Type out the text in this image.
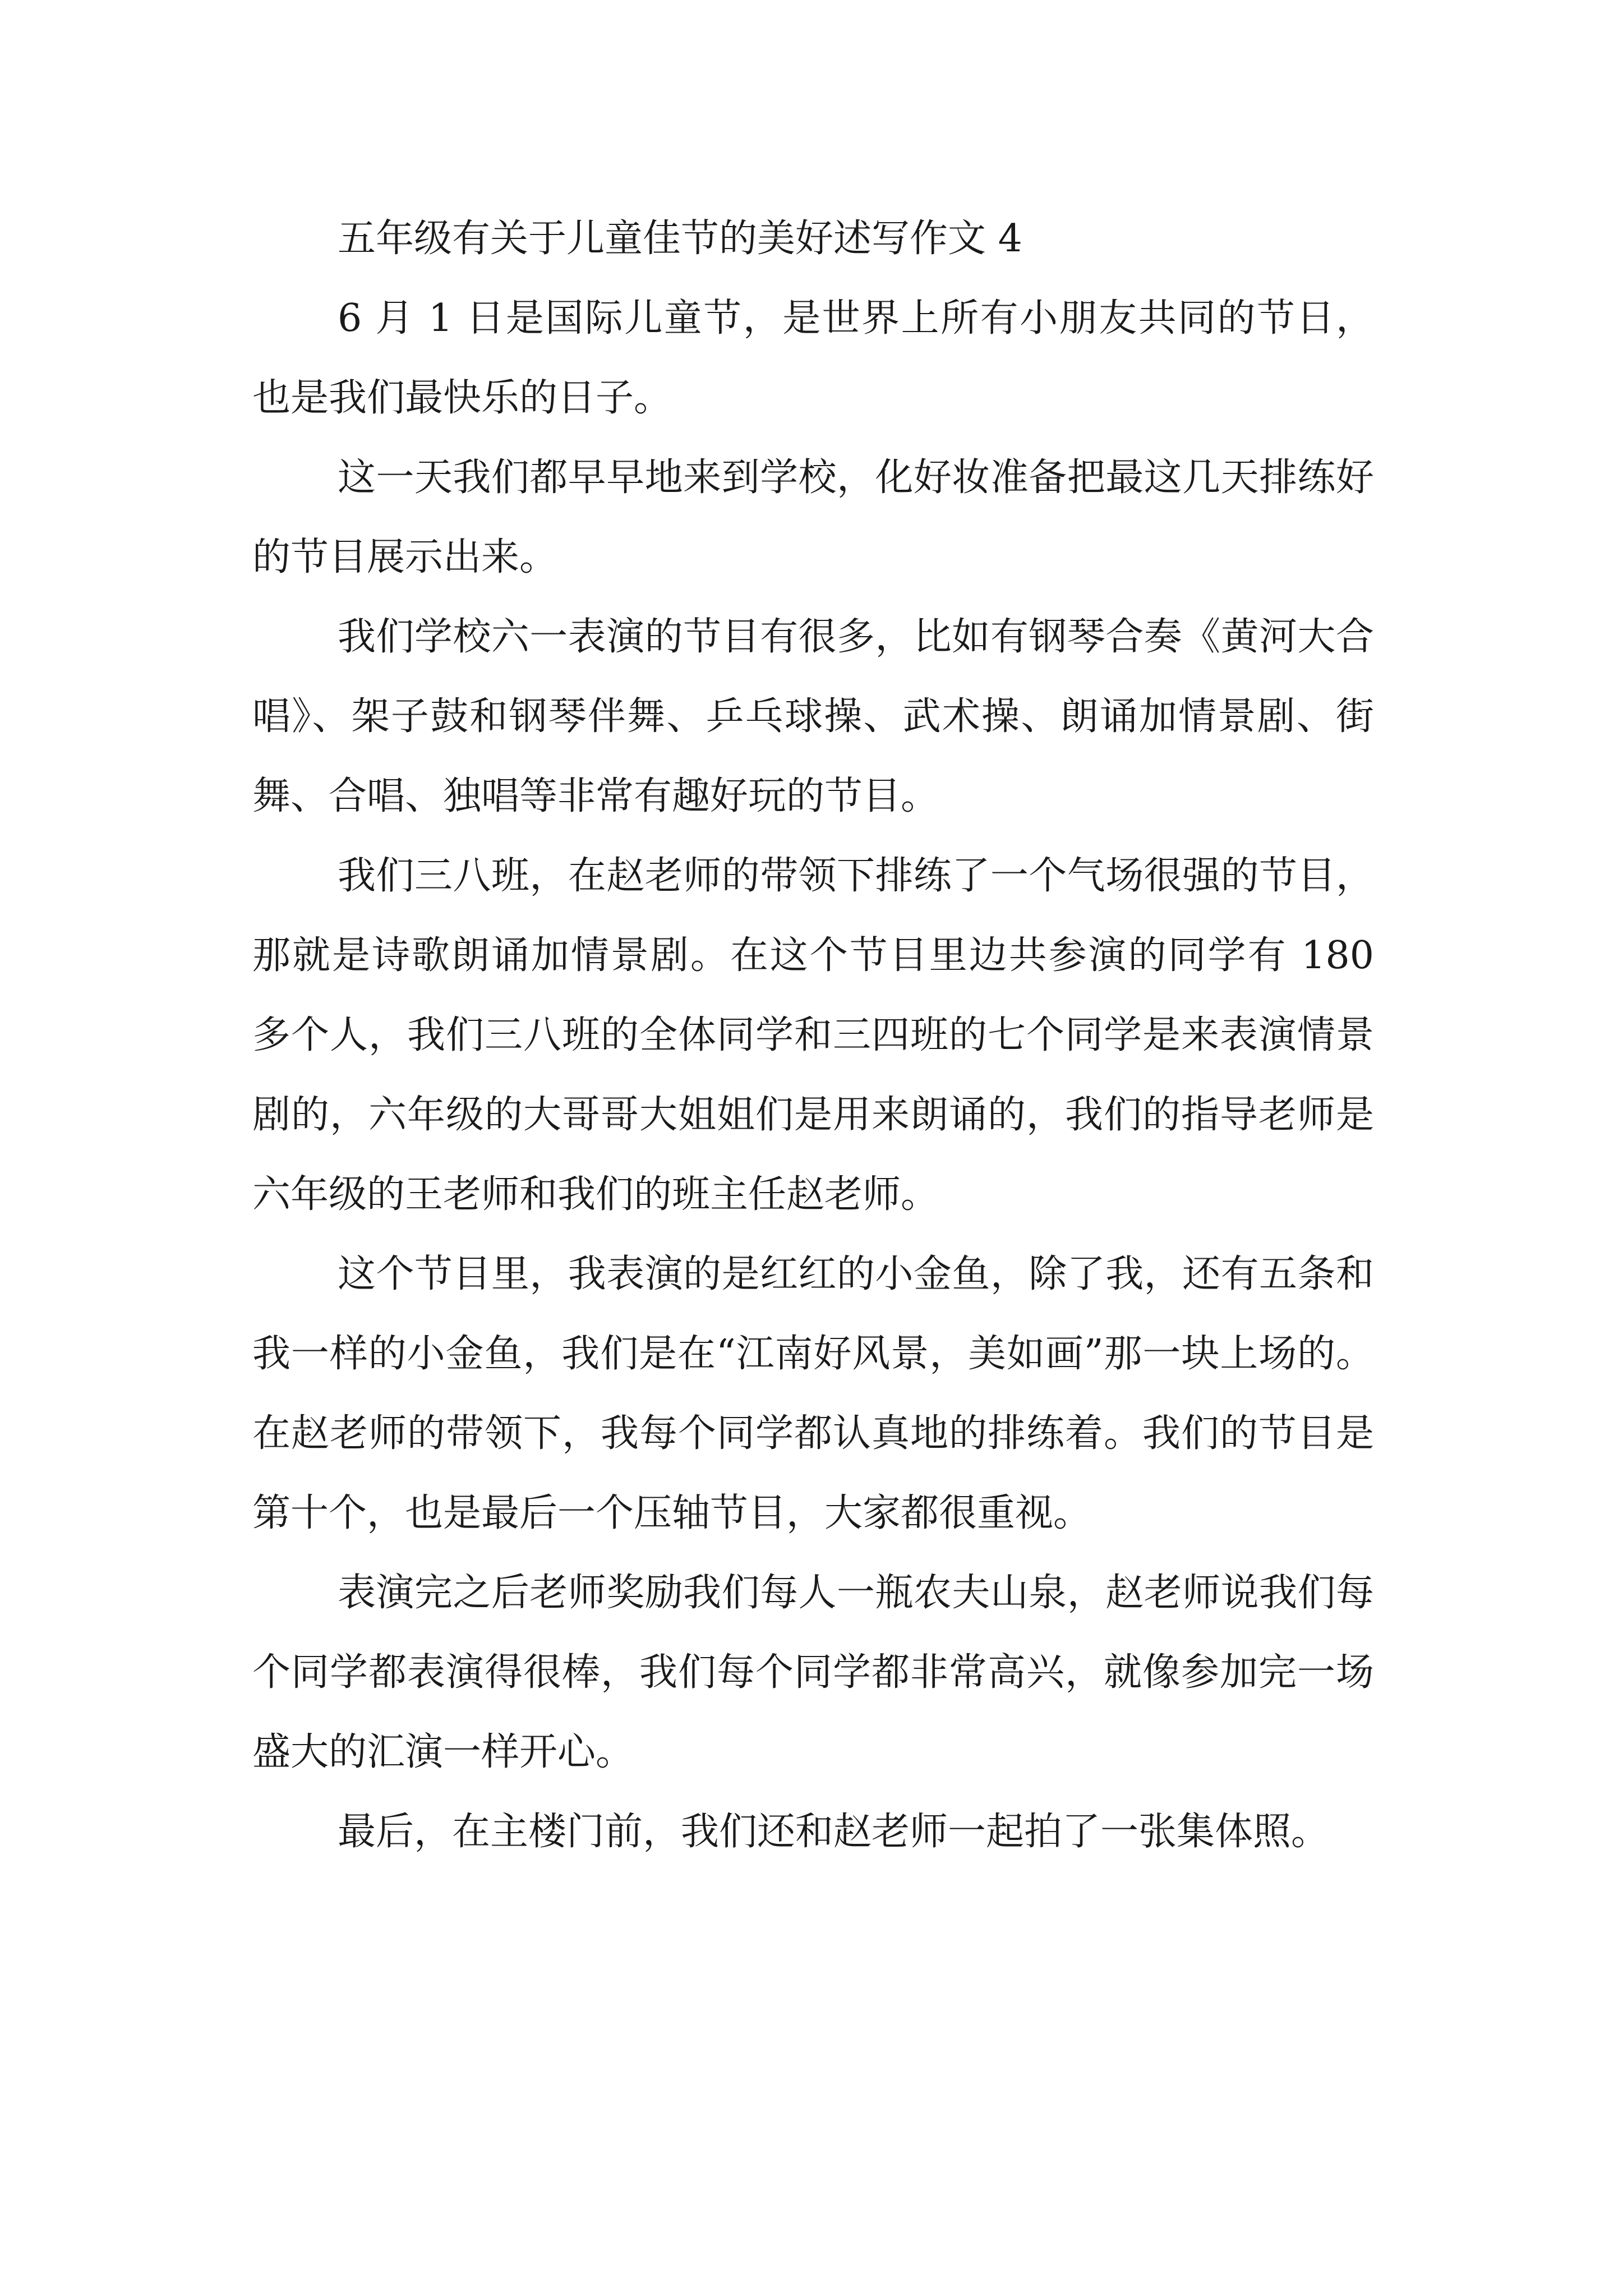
五年级有关于儿童佳节的美好述写作文 4

6 月 1 日是国际儿童节，是世界上所有小朋友共同的节日，也是我们最快乐的日子。

这一天我们都早早地来到学校，化好妆准备把最这几天排练好的节目展示出来。

我们学校六一表演的节目有很多，比如有钢琴合奏《黄河大合唱》、架子鼓和钢琴伴舞、乒乓球操、武术操、朗诵加情景剧、街舞、合唱、独唱等非常有趣好玩的节目。

我们三八班，在赵老师的带领下排练了一个气场很强的节目，那就是诗歌朗诵加情景剧。在这个节目里边共参演的同学有 180 多个人，我们三八班的全体同学和三四班的七个同学是来表演情景剧的，六年级的大哥哥大姐姐们是用来朗诵的，我们的指导老师是六年级的王老师和我们的班主任赵老师。

这个节目里，我表演的是红红的小金鱼，除了我，还有五条和我一样的小金鱼，我们是在“江南好风景，美如画”那一块上场的。在赵老师的带领下，我每个同学都认真地的排练着。我们的节目是第十个，也是最后一个压轴节目，大家都很重视。

表演完之后老师奖励我们每人一瓶农夫山泉，赵老师说我们每个同学都表演得很棒，我们每个同学都非常高兴，就像参加完一场盛大的汇演一样开心。

最后，在主楼门前，我们还和赵老师一起拍了一张集体照。
